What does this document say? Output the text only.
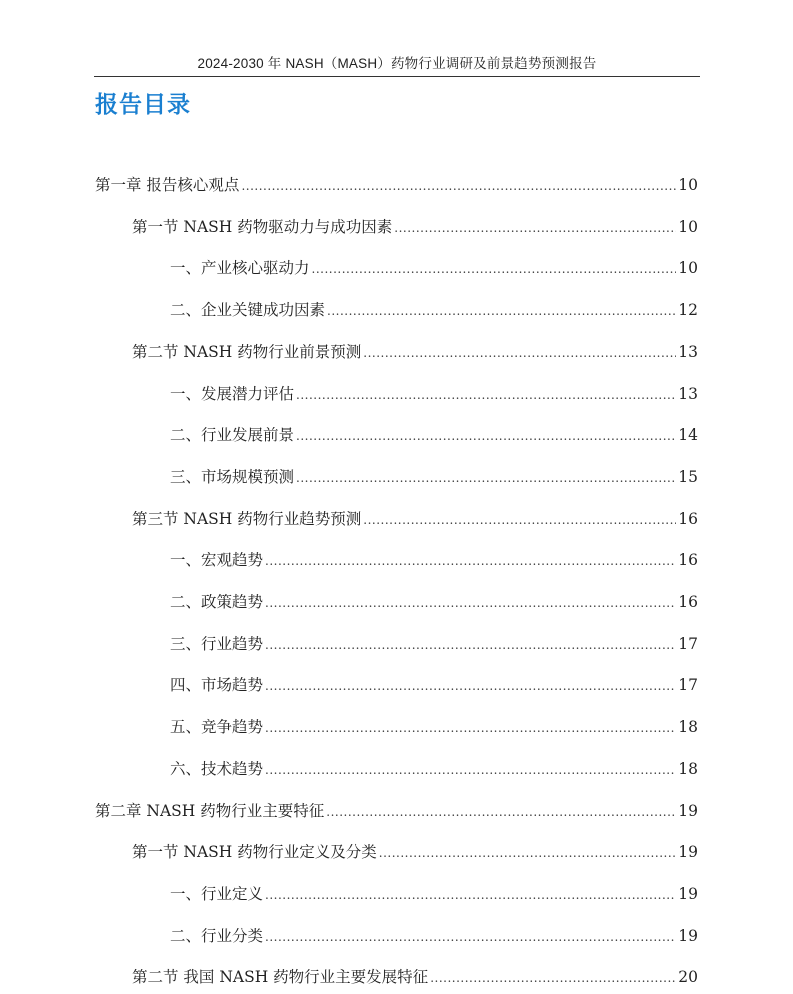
2024-2030 年 NASH（MASH）药物行业调研及前景趋势预测报告
报告目录
第一章 报告核心观点 .....	10
第一节 NASH 药物驱动力与成功因素 .....	10
一、产业核心驱动力 .....	10
二、企业关键成功因素 .....	12
第二节 NASH 药物行业前景预测 .....	13
一、发展潜力评估 .....	13
二、行业发展前景 .....	14
三、市场规模预测 .....	15
第三节 NASH 药物行业趋势预测 .....	16
一、宏观趋势 .....	16
二、政策趋势 .....	16
三、行业趋势 .....	17
四、市场趋势 .....	17
五、竞争趋势 .....	18
六、技术趋势 .....	18
第二章 NASH 药物行业主要特征 .....	19
第一节 NASH 药物行业定义及分类 .....	19
一、行业定义 .....	19
二、行业分类 .....	19
第二节 我国 NASH 药物行业主要发展特征 .....	20
